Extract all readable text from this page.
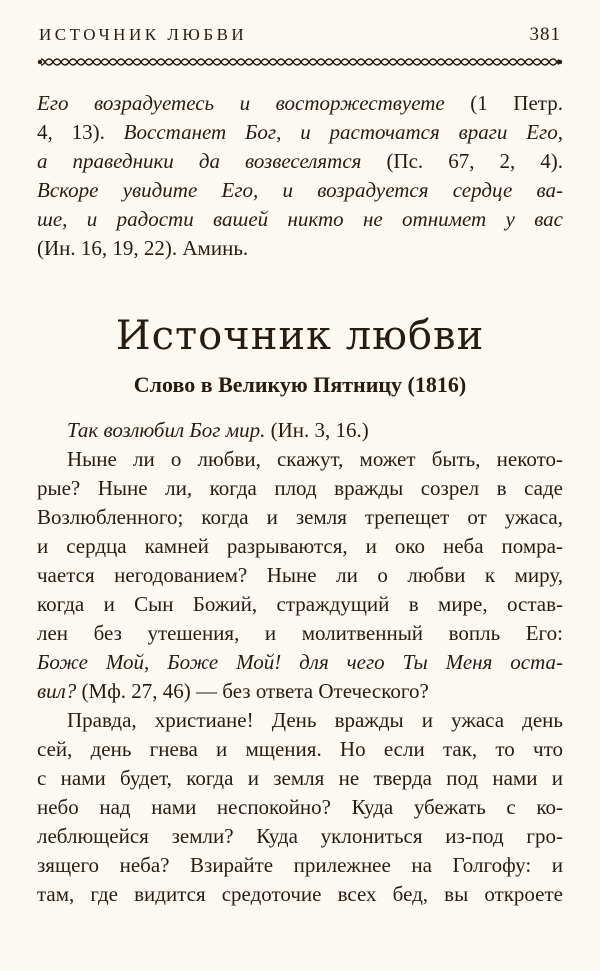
ИСТОЧНИК ЛЮБВИ	381
Его возрадуетесь и восторжествуете (1 Петр.
4, 13). Восстанет Бог, и расточатся враги Его,
а праведники да возвеселятся (Пс. 67, 2, 4).
Вскоре увидите Его, и возрадуется сердце ва-
ше, и радости вашей никто не отнимет у вас
(Ин. 16, 19, 22). Аминь.
Источник любви
Слово в Великую Пятницу (1816)
Так возлюбил Бог мир. (Ин. 3, 16.)
Ныне ли о любви, скажут, может быть, некото-
рые? Ныне ли, когда плод вражды созрел в саде
Возлюбленного; когда и земля трепещет от ужаса,
и сердца камней разрываются, и око неба помра-
чается негодованием? Ныне ли о любви к миру,
когда и Сын Божий, страждущий в мире, остав-
лен без утешения, и молитвенный вопль Его:
Боже Мой, Боже Мой! для чего Ты Меня оста-
вил? (Мф. 27, 46) — без ответа Отеческого?
Правда, христиане! День вражды и ужаса день
сей, день гнева и мщения. Но если так, то что
с нами будет, когда и земля не тверда под нами и
небо над нами неспокойно? Куда убежать с ко-
леблющейся земли? Куда уклониться из-под гро-
зящего неба? Взирайте прилежнее на Голгофу: и
там, где видится средоточие всех бед, вы откроете
